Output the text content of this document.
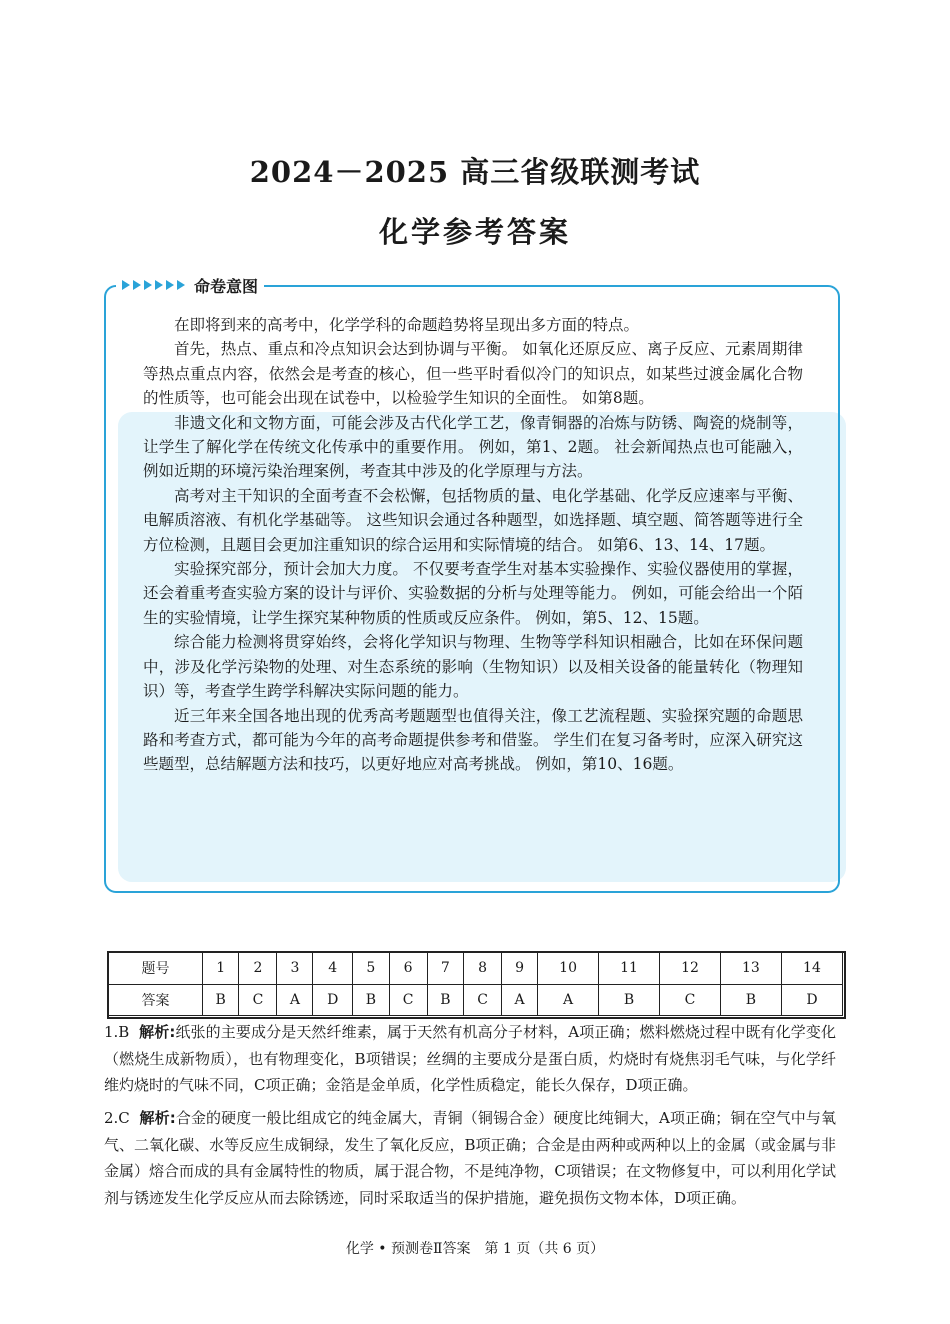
2024－2025 高三省级联测考试
化学参考答案
命卷意图

在即将到来的高考中，化学学科的命题趋势将呈现出多方面的特点。

首先，热点、重点和冷点知识会达到协调与平衡。 如氧化还原反应、离子反应、元素周期律等热点重点内容，依然会是考查的核心，但一些平时看似冷门的知识点，如某些过渡金属化合物的性质等，也可能会出现在试卷中，以检验学生知识的全面性。 如第8题。

非遗文化和文物方面，可能会涉及古代化学工艺，像青铜器的冶炼与防锈、陶瓷的烧制等，让学生了解化学在传统文化传承中的重要作用。 例如，第1、2题。 社会新闻热点也可能融入，例如近期的环境污染治理案例，考查其中涉及的化学原理与方法。

高考对主干知识的全面考查不会松懈，包括物质的量、电化学基础、化学反应速率与平衡、电解质溶液、有机化学基础等。 这些知识会通过各种题型，如选择题、填空题、简答题等进行全方位检测，且题目会更加注重知识的综合运用和实际情境的结合。 如第6、13、14、17题。

实验探究部分，预计会加大力度。 不仅要考查学生对基本实验操作、实验仪器使用的掌握，还会着重考查实验方案的设计与评价、实验数据的分析与处理等能力。 例如，可能会给出一个陌生的实验情境，让学生探究某种物质的性质或反应条件。 例如，第5、12、15题。

综合能力检测将贯穿始终，会将化学知识与物理、生物等学科知识相融合，比如在环保问题中，涉及化学污染物的处理、对生态系统的影响（生物知识）以及相关设备的能量转化（物理知识）等，考查学生跨学科解决实际问题的能力。

近三年来全国各地出现的优秀高考题题型也值得关注，像工艺流程题、实验探究题的命题思路和考查方式，都可能为今年的高考命题提供参考和借鉴。 学生们在复习备考时，应深入研究这些题型，总结解题方法和技巧，以更好地应对高考挑战。 例如，第10、16题。

题号	1	2	3	4	5	6	7	8	9	10	11	12	13	14
答案	B	C	A	D	B	C	B	C	A	A	B	C	B	D
1.B 解析:纸张的主要成分是天然纤维素，属于天然有机高分子材料，A项正确；燃料燃烧过程中既有化学变化（燃烧生成新物质），也有物理变化，B项错误；丝绸的主要成分是蛋白质，灼烧时有烧焦羽毛气味，与化学纤维灼烧时的气味不同，C项正确；金箔是金单质，化学性质稳定，能长久保存，D项正确。
2.C 解析:合金的硬度一般比组成它的纯金属大，青铜（铜锡合金）硬度比纯铜大，A项正确；铜在空气中与氧气、二氧化碳、水等反应生成铜绿，发生了氧化反应，B项正确；合金是由两种或两种以上的金属（或金属与非金属）熔合而成的具有金属特性的物质，属于混合物，不是纯净物，C项错误；在文物修复中，可以利用化学试剂与锈迹发生化学反应从而去除锈迹，同时采取适当的保护措施，避免损伤文物本体，D项正确。
化学 • 预测卷Ⅱ答案　第 1 页（共 6 页）
